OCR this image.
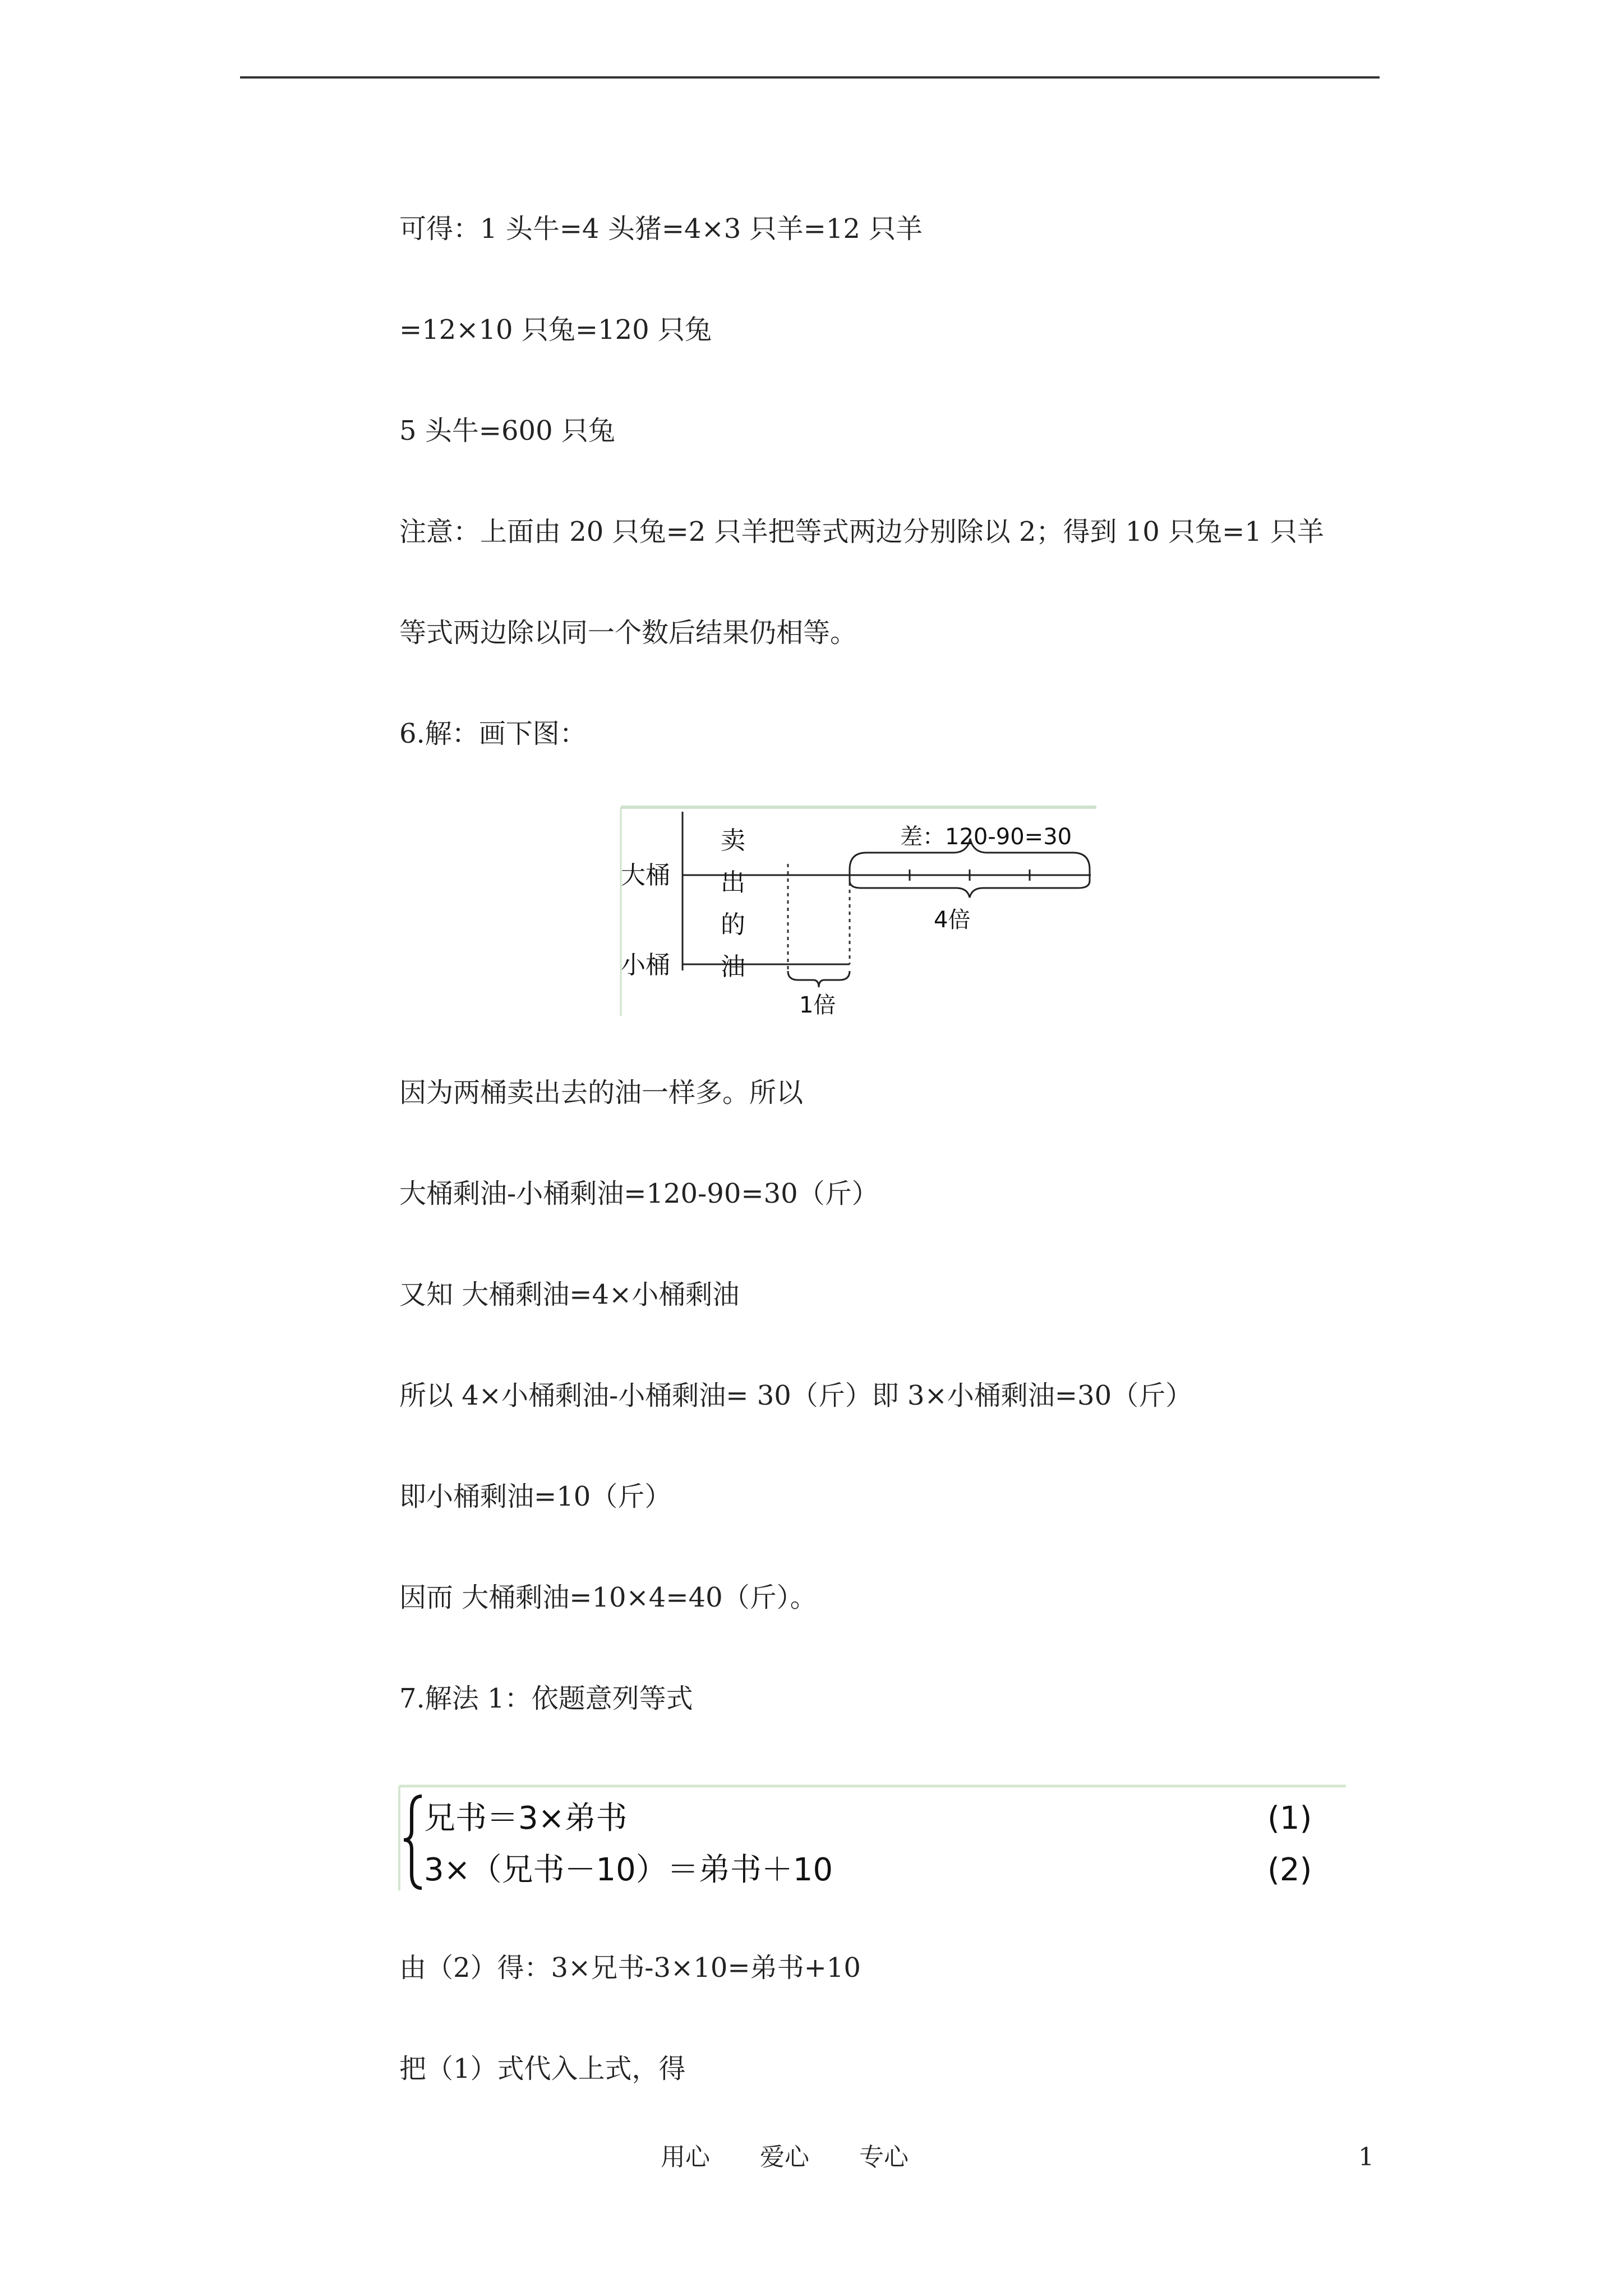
可得：1 头牛=4 头猪=4×3 只羊=12 只羊
=12×10 只兔=120 只兔
5 头牛=600 只兔
注意：上面由 20 只兔=2 只羊把等式两边分别除以 2；得到 10 只兔=1 只羊
等式两边除以同一个数后结果仍相等。
6.解：画下图：
大桶
小桶
卖
出
的
油
差：120-90=30
4倍
1倍
因为两桶卖出去的油一样多。所以
大桶剩油-小桶剩油=120-90=30（斤）
又知 大桶剩油=4×小桶剩油
所以 4×小桶剩油-小桶剩油= 30（斤）即 3×小桶剩油=30（斤）
即小桶剩油=10（斤）
因而 大桶剩油=10×4=40（斤）。
7.解法 1：依题意列等式
兄书＝3×弟书	(1)
3×（兄书－10）＝弟书＋10	(2)
由（2）得：3×兄书-3×10=弟书+10
把（1）式代入上式，得
用心 爱心 专心	1
